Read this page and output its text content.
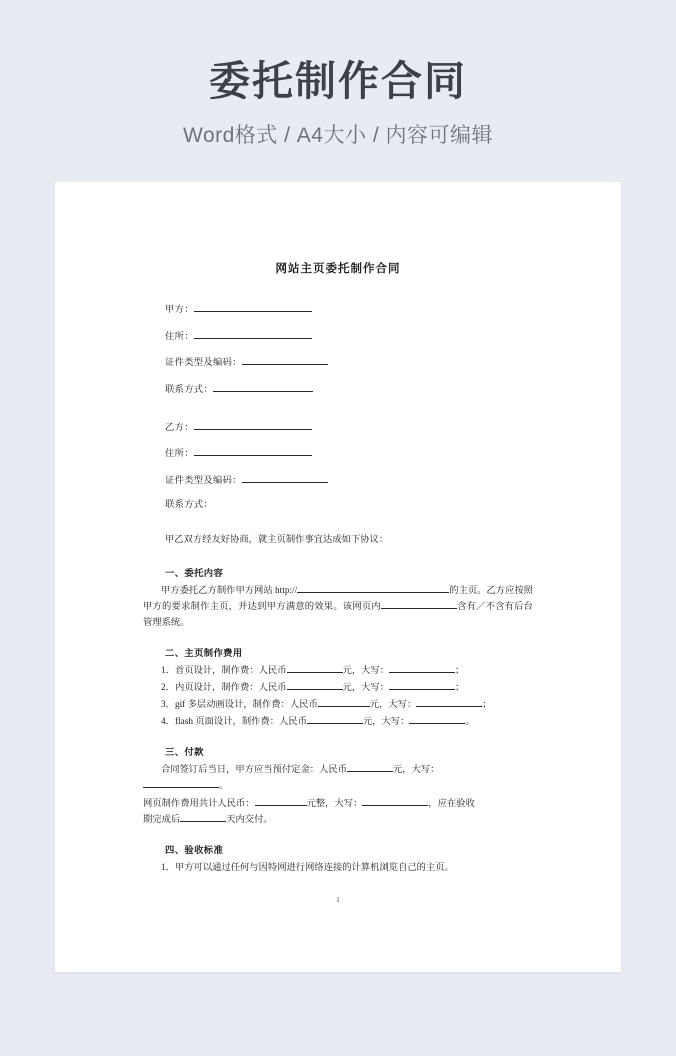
委托制作合同
Word格式 / A4大小 / 内容可编辑
网站主页委托制作合同
甲方：
住所：
证件类型及编码：
联系方式：
乙方：
住所：
证件类型及编码：
联系方式：
甲乙双方经友好协商，就主页制作事宜达成如下协议：
一、委托内容

甲方委托乙方制作甲方网站 http://	的主页。乙方应按照甲方的要求制作主页，并达到甲方满意的效果。该网页内	含有／不含有后台管理系统。

二、主页制作费用

1．首页设计，制作费：人民币	元，大写：	；

2．内页设计，制作费：人民币	元，大写：	；

3．gif 多层动画设计，制作费：人民币	元，大写：	；

4．flash 页面设计，制作费：人民币	元，大写：	。

三、付款

合同签订后当日，甲方应当预付定金：人民币	元，大写：
。

网页制作费用共计人民币：	元整，大写：	，应在验收
期完成后	天内交付。

四、验收标准

1．甲方可以通过任何与因特网进行网络连接的计算机浏览自己的主页。

1
